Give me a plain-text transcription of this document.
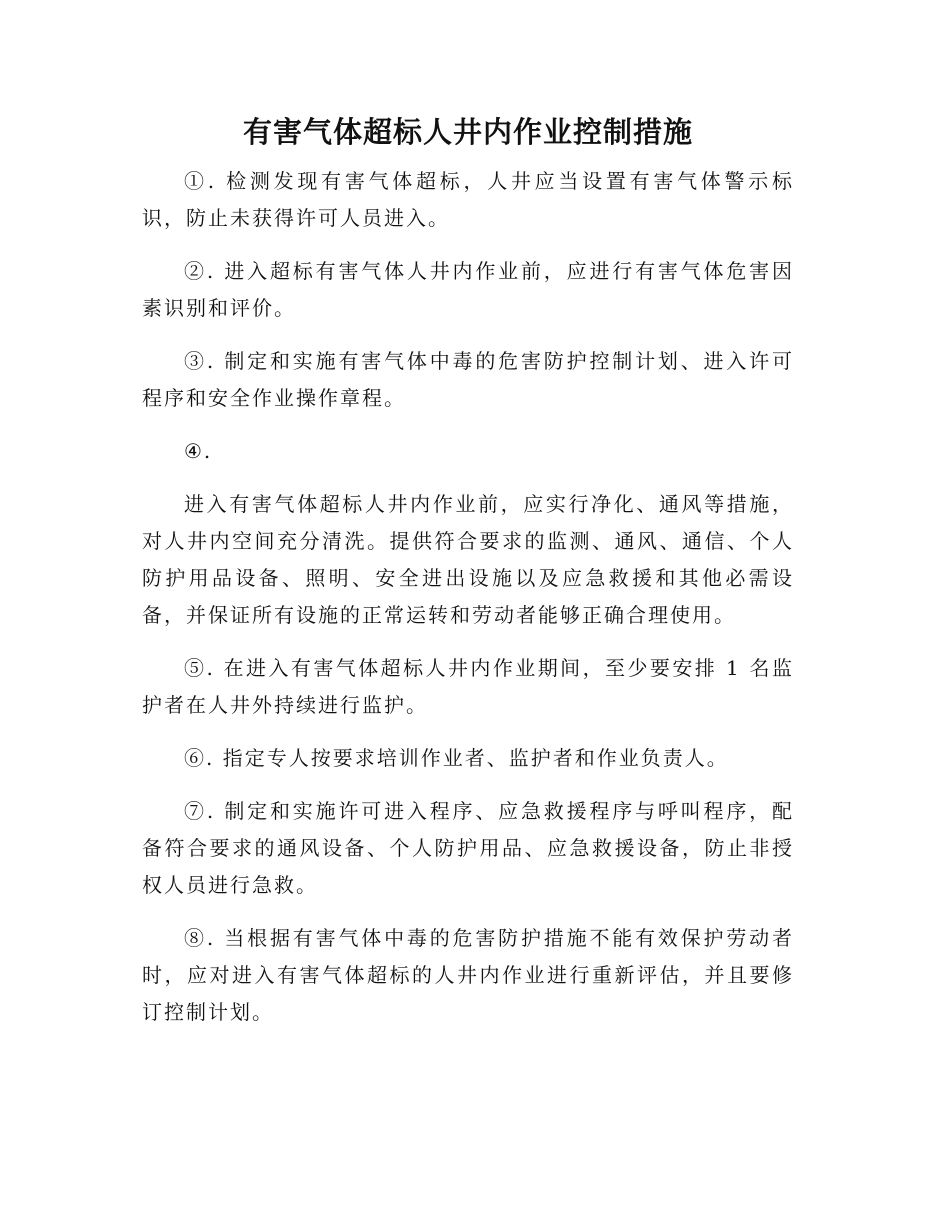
有害气体超标人井内作业控制措施

①. 检测发现有害气体超标，人井应当设置有害气体警示标识，防止未获得许可人员进入。

②. 进入超标有害气体人井内作业前，应进行有害气体危害因素识别和评价。

③. 制定和实施有害气体中毒的危害防护控制计划、进入许可程序和安全作业操作章程。

④.

进入有害气体超标人井内作业前，应实行净化、通风等措施，对人井内空间充分清洗。提供符合要求的监测、通风、通信、个人防护用品设备、照明、安全进出设施以及应急救援和其他必需设备，并保证所有设施的正常运转和劳动者能够正确合理使用。

⑤. 在进入有害气体超标人井内作业期间，至少要安排 1 名监护者在人井外持续进行监护。

⑥. 指定专人按要求培训作业者、监护者和作业负责人。

⑦. 制定和实施许可进入程序、应急救援程序与呼叫程序，配备符合要求的通风设备、个人防护用品、应急救援设备，防止非授权人员进行急救。

⑧. 当根据有害气体中毒的危害防护措施不能有效保护劳动者时，应对进入有害气体超标的人井内作业进行重新评估，并且要修订控制计划。
